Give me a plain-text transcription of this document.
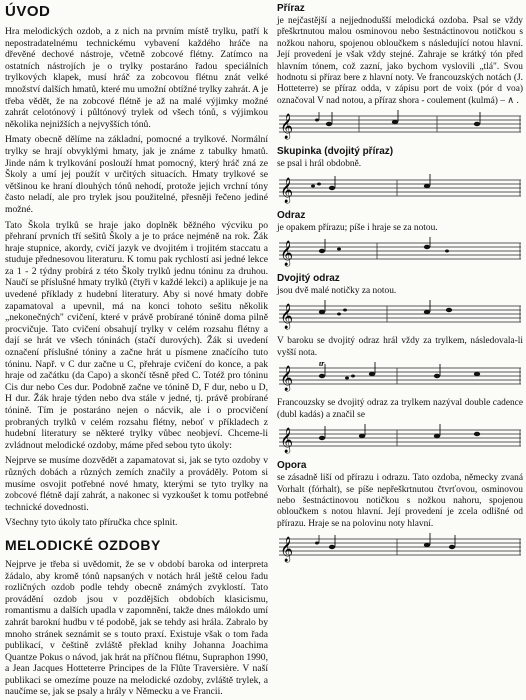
ÚVOD

Hra melodických ozdob, a z nich na prvním místě trylku, patří k nepostradatelnému technickému vybavení každého hráče na dřevěné dechové nástroje, včetně zobcové flétny. Zatímco na ostatních nástrojích je o trylky postaráno řadou speciálních trylkových klapek, musí hráč za zobcovou flétnu znát velké množství dalších hmatů, které mu umožní obtížné trylky zahrát. A je třeba vědět, že na zobcové flétně je až na malé výjimky možné zahrát celotónový i půltónový trylek od všech tónů, s výjimkou několika nejnižších a nejvyšších tónů.

Hmaty obecně dělíme na základní, pomocné a trylkové. Normální trylky se hrají obvyklými hmaty, jak je známe z tabulky hmatů. Jinde nám k trylkování poslouží hmat pomocný, který hráč zná ze Školy a umí jej použít v určitých situacích. Hmaty trylkové se většinou ke hraní dlouhých tónů nehodí, protože jejich vrchní tóny často neladí, ale pro trylek jsou použitelné, přesněji řečeno jediné možné.

Tato Škola trylků se hraje jako doplněk běžného výcviku po přehraní prvních tří sešitů Školy a je to práce nejméně na rok. Žák hraje stupnice, akordy, cvičí jazyk ve dvojitém i trojitém staccatu a studuje přednesovou literaturu. K tomu pak rychlostí asi jedné lekce za 1 - 2 týdny probírá z této Školy trylků jednu tóninu za druhou. Naučí se příslušné hmaty trylků (čtyři v každé lekci) a aplikuje je na uvedené příklady z hudební literatury. Aby si nové hmaty dobře zapamatoval a upevnil, má na konci tohoto sešitu několik „nekonečných" cvičení, které v právě probírané tónině doma pilně procvičuje. Tato cvičení obsahují trylky v celém rozsahu flétny a dají se hrát ve všech tóninách (stačí durových). Žák si uvedení označení příslušné tóniny a začne hrát u písmene značícího tuto tóninu. Např. v C dur začne u C, přehraje cvičení do konce, a pak hraje od začátku (da Capo) a skončí těsně před C. Totéž pro tóninu Cis dur nebo Ces dur. Podobně začne ve tónině D, F dur, nebo u D, H dur. Žák hraje týden nebo dva stále v jedné, tj. právě probírané tónině. Tím je postaráno nejen o nácvik, ale i o procvičení probraných trylků v celém rozsahu flétny, neboť v příkladech z hudební literatury se některé trylky vůbec neobjeví. Chceme-li zvládnout melodické ozdoby, máme před sebou tyto úkoly:

Nejprve se musíme dozvědět a zapamatovat si, jak se tyto ozdoby v různých dobách a různých zemích značily a prováděly. Potom si musíme osvojit potřebné nové hmaty, kterými se tyto trylky na zobcové flétně dají zahrát, a nakonec si vyzkoušet k tomu potřebné technické dovednosti.

Všechny tyto úkoly tato příručka chce splnit.

MELODICKÉ OZDOBY

Nejprve je třeba si uvědomit, že se v období baroka od interpreta žádalo, aby kromě tónů napsaných v notách hrál ještě celou řadu rozličných ozdob podle tehdy obecně známých zvyklostí. Tato provádění ozdob jsou v pozdějších obdobích klasicismu, romantismu a dalších upadla v zapomnění, takže dnes málokdo umí zahrát barokní hudbu v té podobě, jak se tehdy asi hrála. Zabralo by mnoho stránek seznámit se s touto praxí. Existuje však o tom řada publikací, v češtině zvláště překlad knihy Johanna Joachima Quantze Pokus o návod, jak hrát na příčnou flétnu, Supraphon 1990, a Jean Jacques Hotteterre Principes de la Flûte Traversière. V naší publikaci se omezíme pouze na melodické ozdoby, zvláště trylek, a naučíme se, jak se psaly a hrály v Německu a ve Francii.

Příraz

je nejčastější a nejjednodušší melodická ozdoba. Psal se vždy přeškrtnutou malou osminovou nebo šestnáctinovou notičkou s nožkou nahoru, spojenou obloučkem s následující notou hlavní. Její provedení je však vždy stejné. Zahraje se krátký tón před hlavním tónem, což zazní, jako bychom vyslovili „tlá". Svou hodnotu si příraz bere z hlavní noty. Ve francouzských notách (J. Hotteterre) se příraz odda, v zápisu port de voix (pór d voa) označoval V nad notou, a příraz shora - coulement (kulmá) – ∧ .

𝄞
Skupinka (dvojitý příraz)

se psal i hrál obdobně.

𝄞
Odraz

je opakem přírazu; píše i hraje se za notou.

𝄞
Dvojitý odraz

jsou dvě malé notičky za notou.

𝄞

V baroku se dvojitý odraz hrál vždy za trylkem, následovala-li vyšší nota.

𝄞
tr

Francouzsky se dvojitý odraz za trylkem nazýval double cadence (dubl kadás) a značil se

𝄞
Opora

se zásadně liší od přírazu i odrazu. Tato ozdoba, německy zvaná Vorhalt (fórhalt), se píše nepřeškrtnutou čtvrťovou, osminovou nebo šestnáctinovou notičkou s nožkou nahoru, spojenou obloučkem s notou hlavní. Její provedení je zcela odlišné od přírazu. Hraje se na polovinu noty hlavní.

𝄞
